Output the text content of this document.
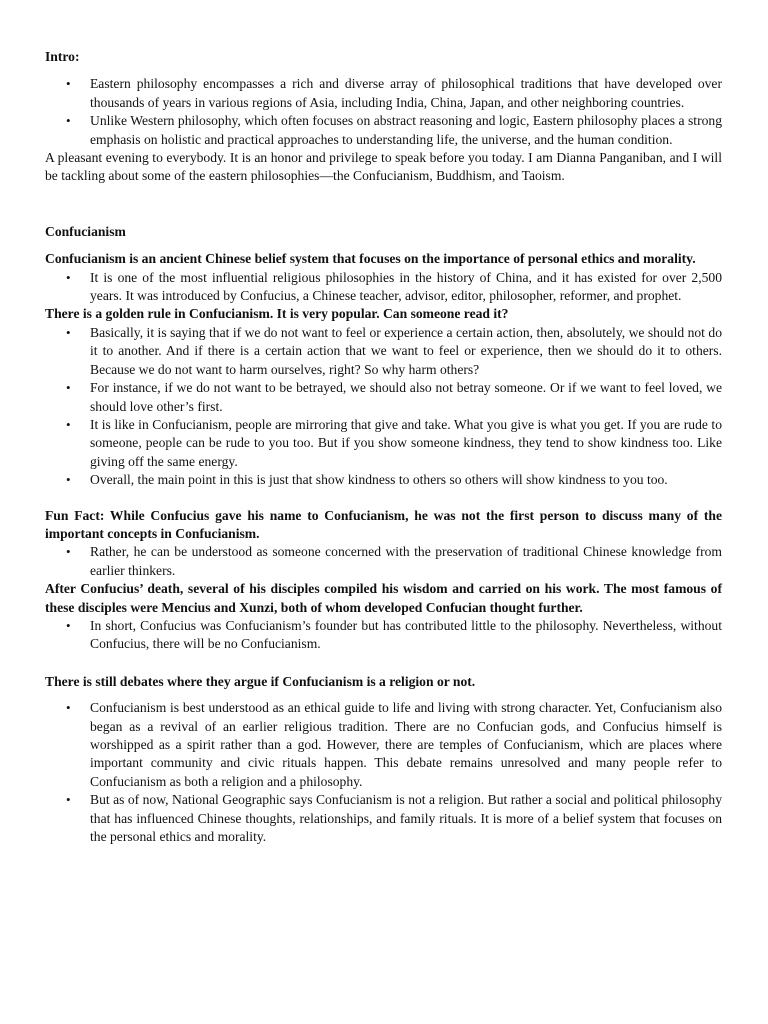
Intro:

• Eastern philosophy encompasses a rich and diverse array of philosophical traditions that have developed over thousands of years in various regions of Asia, including India, China, Japan, and other neighboring countries.
• Unlike Western philosophy, which often focuses on abstract reasoning and logic, Eastern philosophy places a strong emphasis on holistic and practical approaches to understanding life, the universe, and the human condition.

A pleasant evening to everybody. It is an honor and privilege to speak before you today. I am Dianna Panganiban, and I will be tackling about some of the eastern philosophies—the Confucianism, Buddhism, and Taoism.

Confucianism

Confucianism is an ancient Chinese belief system that focuses on the importance of personal ethics and morality.

• It is one of the most influential religious philosophies in the history of China, and it has existed for over 2,500 years. It was introduced by Confucius, a Chinese teacher, advisor, editor, philosopher, reformer, and prophet.

There is a golden rule in Confucianism. It is very popular. Can someone read it?

• Basically, it is saying that if we do not want to feel or experience a certain action, then, absolutely, we should not do it to another. And if there is a certain action that we want to feel or experience, then we should do it to others. Because we do not want to harm ourselves, right? So why harm others?
• For instance, if we do not want to be betrayed, we should also not betray someone. Or if we want to feel loved, we should love other’s first.
• It is like in Confucianism, people are mirroring that give and take. What you give is what you get. If you are rude to someone, people can be rude to you too. But if you show someone kindness, they tend to show kindness too. Like giving off the same energy.
• Overall, the main point in this is just that show kindness to others so others will show kindness to you too.

Fun Fact: While Confucius gave his name to Confucianism, he was not the first person to discuss many of the important concepts in Confucianism.

• Rather, he can be understood as someone concerned with the preservation of traditional Chinese knowledge from earlier thinkers.

After Confucius’ death, several of his disciples compiled his wisdom and carried on his work. The most famous of these disciples were Mencius and Xunzi, both of whom developed Confucian thought further.

• In short, Confucius was Confucianism’s founder but has contributed little to the philosophy. Nevertheless, without Confucius, there will be no Confucianism.

There is still debates where they argue if Confucianism is a religion or not.

• Confucianism is best understood as an ethical guide to life and living with strong character. Yet, Confucianism also began as a revival of an earlier religious tradition. There are no Confucian gods, and Confucius himself is worshipped as a spirit rather than a god. However, there are temples of Confucianism, which are places where important community and civic rituals happen. This debate remains unresolved and many people refer to Confucianism as both a religion and a philosophy.
• But as of now, National Geographic says Confucianism is not a religion. But rather a social and political philosophy that has influenced Chinese thoughts, relationships, and family rituals. It is more of a belief system that focuses on the personal ethics and morality.
